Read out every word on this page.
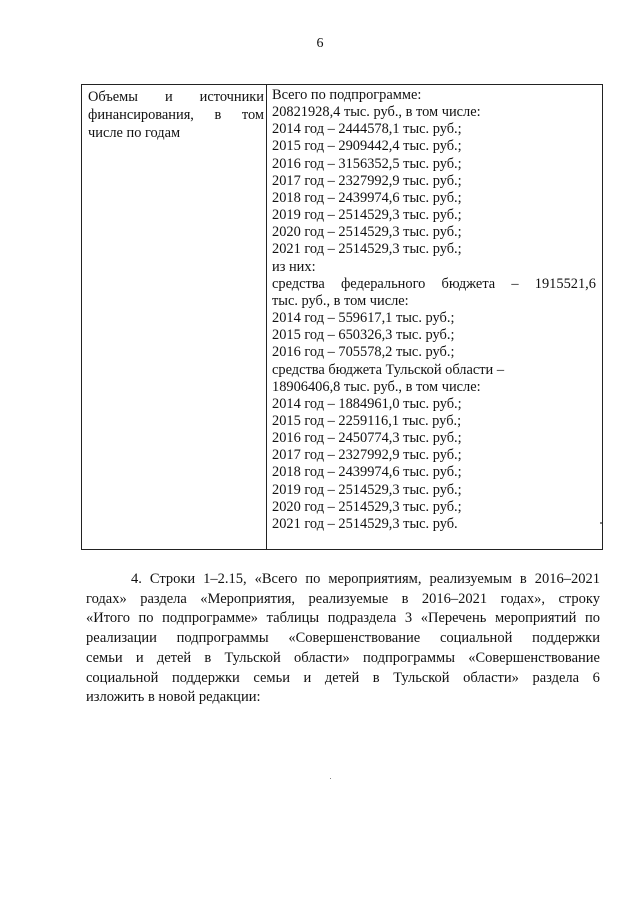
6
Объемы и источники
финансирования, в том
числе по годам
Всего по подпрограмме:
20821928,4 тыс. руб., в том числе:
2014 год – 2444578,1 тыс. руб.;
2015 год – 2909442,4 тыс. руб.;
2016 год – 3156352,5 тыс. руб.;
2017 год – 2327992,9 тыс. руб.;
2018 год – 2439974,6 тыс. руб.;
2019 год – 2514529,3 тыс. руб.;
2020 год – 2514529,3 тыс. руб.;
2021 год – 2514529,3 тыс. руб.;
из них:
средства федерального бюджета – 1915521,6
тыс. руб., в том числе:
2014 год – 559617,1 тыс. руб.;
2015 год – 650326,3 тыс. руб.;
2016 год – 705578,2 тыс. руб.;
средства бюджета Тульской области –
18906406,8 тыс. руб., в том числе:
2014 год – 1884961,0 тыс. руб.;
2015 год – 2259116,1 тыс. руб.;
2016 год – 2450774,3 тыс. руб.;
2017 год – 2327992,9 тыс. руб.;
2018 год – 2439974,6 тыс. руб.;
2019 год – 2514529,3 тыс. руб.;
2020 год – 2514529,3 тыс. руб.;
2021 год – 2514529,3 тыс. руб.
4. Строки 1–2.15, «Всего по мероприятиям, реализуемым в 2016–2021
годах» раздела «Мероприятия, реализуемые в 2016–2021 годах», строку
«Итого по подпрограмме» таблицы подраздела 3 «Перечень мероприятий по
реализации подпрограммы «Совершенствование социальной поддержки
семьи и детей в Тульской области» подпрограммы «Совершенствование
социальной поддержки семьи и детей в Тульской области» раздела 6
изложить в новой редакции:
